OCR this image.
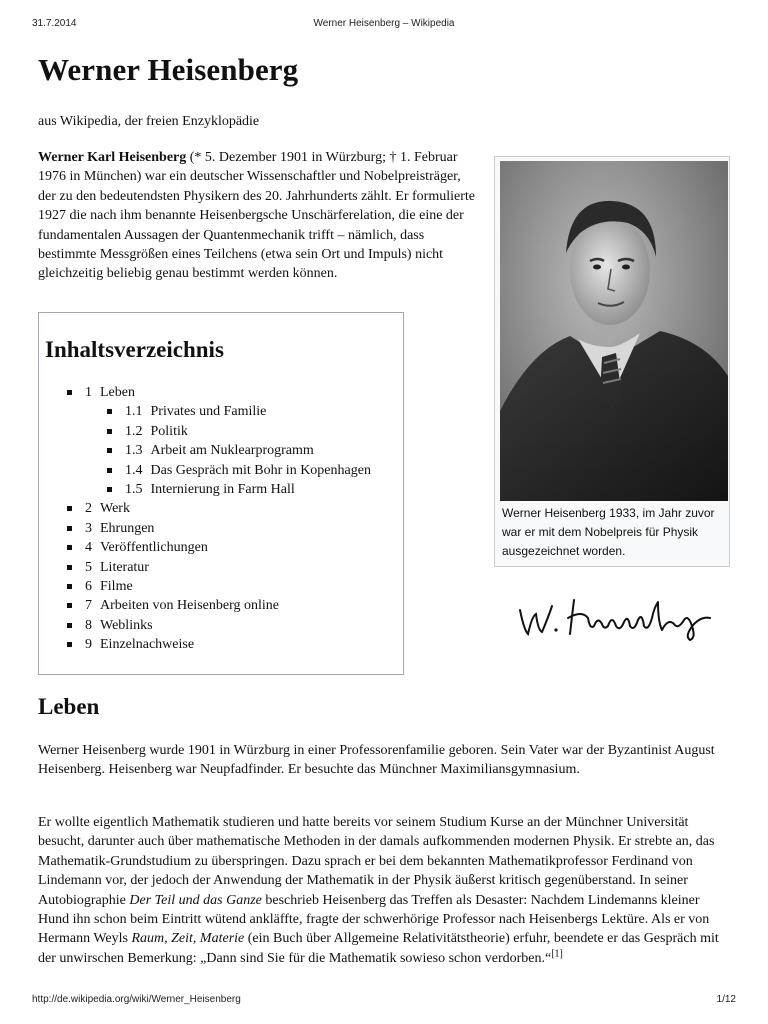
31.7.2014	Werner Heisenberg – Wikipedia
Werner Heisenberg
aus Wikipedia, der freien Enzyklopädie

Werner Karl Heisenberg (* 5. Dezember 1901 in Würzburg; † 1. Februar 1976 in München) war ein deutscher Wissenschaftler und Nobelpreisträger, der zu den bedeutendsten Physikern des 20. Jahrhunderts zählt. Er formulierte 1927 die nach ihm benannte Heisenbergsche Unschärferelation, die eine der fundamentalen Aussagen der Quantenmechanik trifft – nämlich, dass bestimmte Messgrößen eines Teilchens (etwa sein Ort und Impuls) nicht gleichzeitig beliebig genau bestimmt werden können.

Inhaltsverzeichnis
1 Leben
1.1 Privates und Familie
1.2 Politik
1.3 Arbeit am Nuklearprogramm
1.4 Das Gespräch mit Bohr in Kopenhagen
1.5 Internierung in Farm Hall
2 Werk
3 Ehrungen
4 Veröffentlichungen
5 Literatur
6 Filme
7 Arbeiten von Heisenberg online
8 Weblinks
9 Einzelnachweise

Werner Heisenberg 1933, im Jahr zuvor war er mit dem Nobelpreis für Physik ausgezeichnet worden.

Leben

Werner Heisenberg wurde 1901 in Würzburg in einer Professorenfamilie geboren. Sein Vater war der Byzantinist August Heisenberg. Heisenberg war Neupfadfinder. Er besuchte das Münchner Maximiliansgymnasium.

Er wollte eigentlich Mathematik studieren und hatte bereits vor seinem Studium Kurse an der Münchner Universität besucht, darunter auch über mathematische Methoden in der damals aufkommenden modernen Physik. Er strebte an, das Mathematik-Grundstudium zu überspringen. Dazu sprach er bei dem bekannten Mathematikprofessor Ferdinand von Lindemann vor, der jedoch der Anwendung der Mathematik in der Physik äußerst kritisch gegenüberstand. In seiner Autobiographie Der Teil und das Ganze beschrieb Heisenberg das Treffen als Desaster: Nachdem Lindemanns kleiner Hund ihn schon beim Eintritt wütend ankläffte, fragte der schwerhörige Professor nach Heisenbergs Lektüre. Als er von Hermann Weyls Raum, Zeit, Materie (ein Buch über Allgemeine Relativitätstheorie) erfuhr, beendete er das Gespräch mit der unwirschen Bemerkung: „Dann sind Sie für die Mathematik sowieso schon verdorben.“[1]

http://de.wikipedia.org/wiki/Werner_Heisenberg	1/12
